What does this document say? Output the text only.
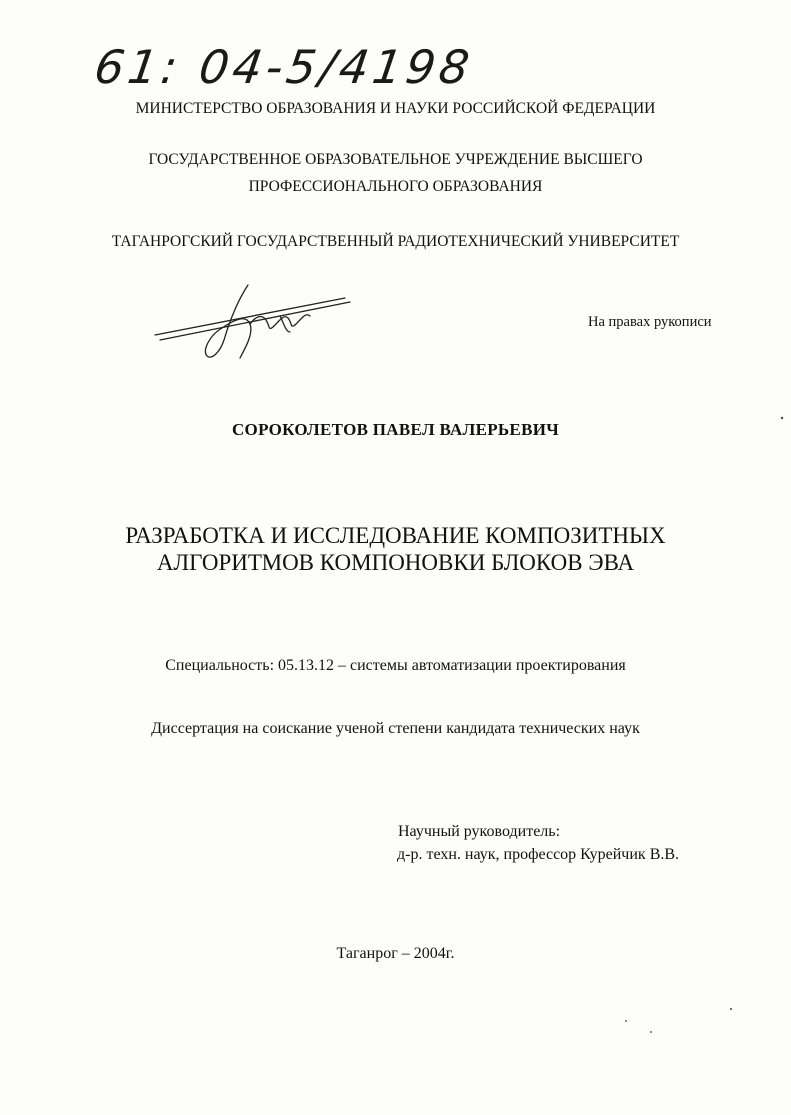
61: 04-5/4198
МИНИСТЕРСТВО ОБРАЗОВАНИЯ И НАУКИ РОССИЙСКОЙ ФЕДЕРАЦИИ
ГОСУДАРСТВЕННОЕ ОБРАЗОВАТЕЛЬНОЕ УЧРЕЖДЕНИЕ ВЫСШЕГО
ПРОФЕССИОНАЛЬНОГО ОБРАЗОВАНИЯ
ТАГАНРОГСКИЙ ГОСУДАРСТВЕННЫЙ РАДИОТЕХНИЧЕСКИЙ УНИВЕРСИТЕТ
На правах рукописи
СОРОКОЛЕТОВ ПАВЕЛ ВАЛЕРЬЕВИЧ
РАЗРАБОТКА И ИССЛЕДОВАНИЕ КОМПОЗИТНЫХ
АЛГОРИТМОВ КОМПОНОВКИ БЛОКОВ ЭВА
Специальность: 05.13.12 – системы автоматизации проектирования
Диссертация на соискание ученой степени кандидата технических наук
Научный руководитель:
д-р. техн. наук, профессор Курейчик В.В.
Таганрог – 2004г.
